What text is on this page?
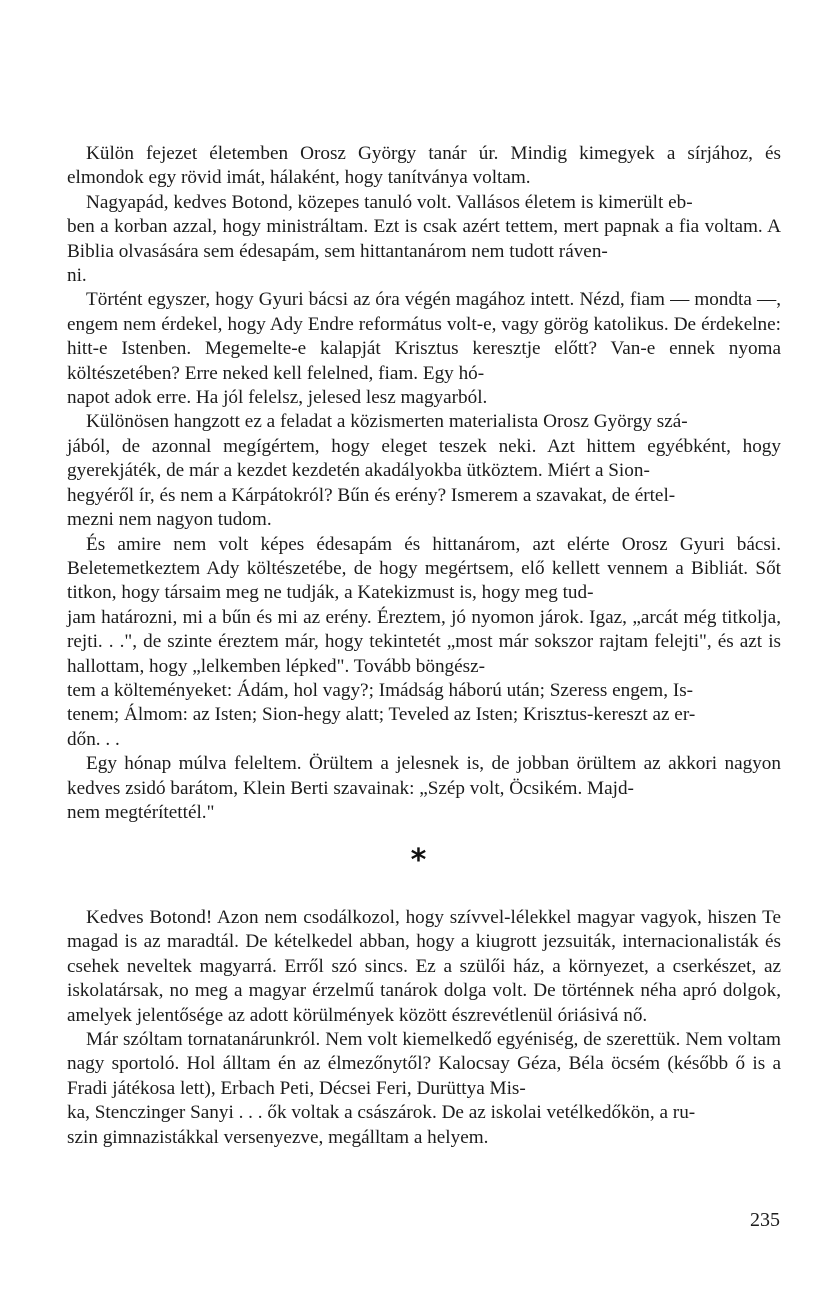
Külön fejezet életemben Orosz György tanár úr. Mindig kimegyek a sírjához, és elmondok egy rövid imát, hálaként, hogy tanítványa voltam.

Nagyapád, kedves Botond, közepes tanuló volt. Vallásos életem is kimerült eb-
ben a korban azzal, hogy ministráltam. Ezt is csak azért tettem, mert papnak a fia voltam. A Biblia olvasására sem édesapám, sem hittantanárom nem tudott ráven-
ni.

Történt egyszer, hogy Gyuri bácsi az óra végén magához intett. Nézd, fiam — mondta —, engem nem érdekel, hogy Ady Endre református volt-e, vagy görög katolikus. De érdekelne: hitt-e Istenben. Megemelte-e kalapját Krisztus keresztje előtt? Van-e ennek nyoma költészetében? Erre neked kell felelned, fiam. Egy hó-
napot adok erre. Ha jól felelsz, jelesed lesz magyarból.

Különösen hangzott ez a feladat a közismerten materialista Orosz György szá-
jából, de azonnal megígértem, hogy eleget teszek neki. Azt hittem egyébként, hogy gyerekjáték, de már a kezdet kezdetén akadályokba ütköztem. Miért a Sion-
hegyéről ír, és nem a Kárpátokról? Bűn és erény? Ismerem a szavakat, de értel-
mezni nem nagyon tudom.

És amire nem volt képes édesapám és hittanárom, azt elérte Orosz Gyuri bácsi. Beletemetkeztem Ady költészetébe, de hogy megértsem, elő kellett vennem a Bibliát. Sőt titkon, hogy társaim meg ne tudják, a Katekizmust is, hogy meg tud-
jam határozni, mi a bűn és mi az erény. Éreztem, jó nyomon járok. Igaz, „arcát még titkolja, rejti. . .", de szinte éreztem már, hogy tekintetét „most már sokszor rajtam felejti", és azt is hallottam, hogy „lelkemben lépked". Tovább böngész-
tem a költeményeket: Ádám, hol vagy?; Imádság háború után; Szeress engem, Is-
tenem; Álmom: az Isten; Sion-hegy alatt; Teveled az Isten; Krisztus-kereszt az er-
dőn. . .

Egy hónap múlva feleltem. Örültem a jelesnek is, de jobban örültem az akkori nagyon kedves zsidó barátom, Klein Berti szavainak: „Szép volt, Öcsikém. Majd-
nem megtérítettél."

*

Kedves Botond! Azon nem csodálkozol, hogy szívvel-lélekkel magyar vagyok, hiszen Te magad is az maradtál. De kételkedel abban, hogy a kiugrott jezsuiták, internacionalisták és csehek neveltek magyarrá. Erről szó sincs. Ez a szülői ház, a környezet, a cserkészet, az iskolatársak, no meg a magyar érzelmű tanárok dolga volt. De történnek néha apró dolgok, amelyek jelentősége az adott körülmények között észrevétlenül óriásivá nő.

Már szóltam tornatanárunkról. Nem volt kiemelkedő egyéniség, de szerettük. Nem voltam nagy sportoló. Hol álltam én az élmezőnytől? Kalocsay Géza, Béla öcsém (később ő is a Fradi játékosa lett), Erbach Peti, Décsei Feri, Durüttya Mis-
ka, Stenczinger Sanyi . . . ők voltak a császárok. De az iskolai vetélkedőkön, a ru-
szin gimnazistákkal versenyezve, megálltam a helyem.

235
